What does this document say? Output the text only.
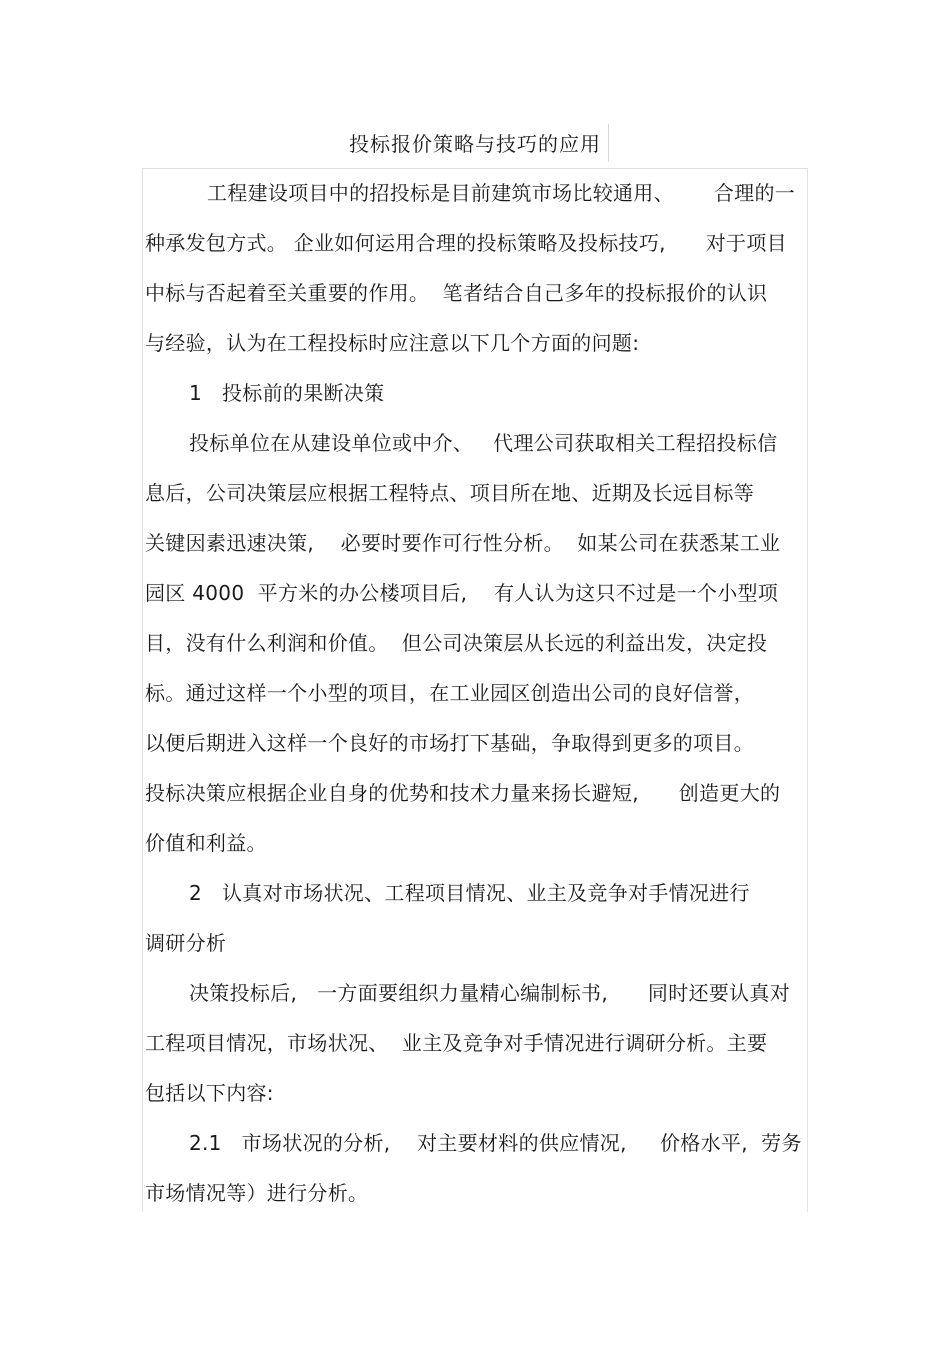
投标报价策略与技巧的应用
工程建设项目中的招投标是目前建筑市场比较通用、      合理的一
种承发包方式。 企业如何运用合理的投标策略及投标技巧,      对于项目
中标与否起着至关重要的作用。  笔者结合自己多年的投标报价的认识
与经验，认为在工程投标时应注意以下几个方面的问题:
1   投标前的果断决策
投标单位在从建设单位或中介、   代理公司获取相关工程招投标信
息后，公司决策层应根据工程特点、项目所在地、近期及长远目标等
关键因素迅速决策,    必要时要作可行性分析。  如某公司在获悉某工业
园区 4000  平方米的办公楼项目后,    有人认为这只不过是一个小型项
目，没有什么利润和价值。  但公司决策层从长远的利益出发，决定投
标。通过这样一个小型的项目，在工业园区创造出公司的良好信誉，
以便后期进入这样一个良好的市场打下基础，争取得到更多的项目。
投标决策应根据企业自身的优势和技术力量来扬长避短,      创造更大的
价值和利益。
2   认真对市场状况、工程项目情况、业主及竞争对手情况进行
调研分析
决策投标后,   一方面要组织力量精心编制标书,      同时还要认真对
工程项目情况，市场状况、  业主及竞争对手情况进行调研分析。主要
包括以下内容:
2.1   市场状况的分析,    对主要材料的供应情况,     价格水平,  劳务
市场情况等）进行分析。
